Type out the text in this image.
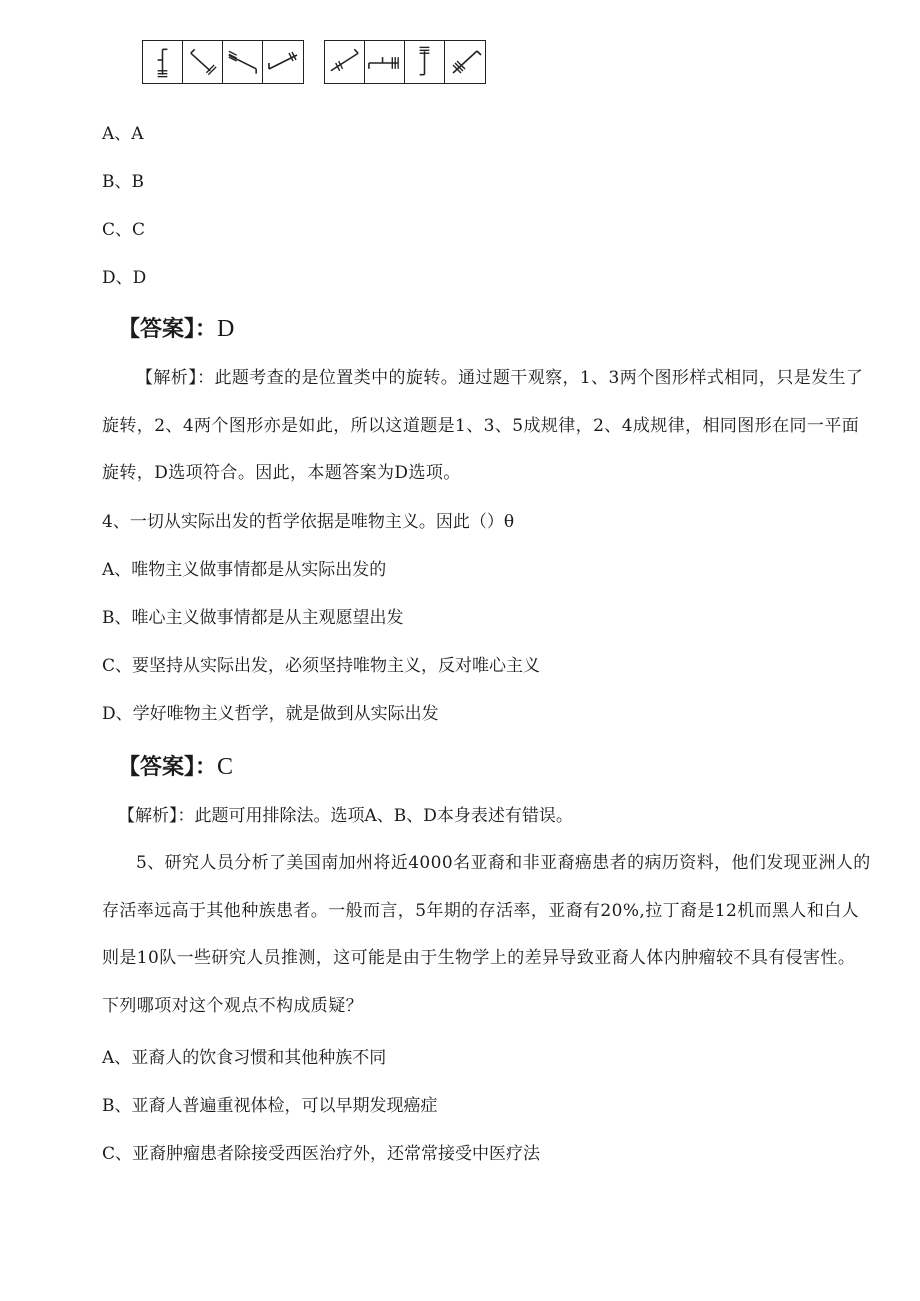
A、A
B、B
C、C
D、D
【答案】：D
【解析】：此题考查的是位置类中的旋转。通过题干观察，1、3两个图形样式相同，只是发生了旋转，2、4两个图形亦是如此，所以这道题是1、3、5成规律，2、4成规律，相同图形在同一平面旋转，D选项符合。因此，本题答案为D选项。
4、一切从实际出发的哲学依据是唯物主义。因此（）θ
A、唯物主义做事情都是从实际出发的
B、唯心主义做事情都是从主观愿望出发
C、要坚持从实际出发，必须坚持唯物主义，反对唯心主义
D、学好唯物主义哲学，就是做到从实际出发
【答案】：C
【解析】：此题可用排除法。选项A、B、D本身表述有错误。
5、研究人员分析了美国南加州将近4000名亚裔和非亚裔癌患者的病历资料，他们发现亚洲人的存活率远高于其他种族患者。一般而言，5年期的存活率，亚裔有20%,拉丁裔是12机而黑人和白人则是10队一些研究人员推测，这可能是由于生物学上的差异导致亚裔人体内肿瘤较不具有侵害性。下列哪项对这个观点不构成质疑？
A、亚裔人的饮食习惯和其他种族不同
B、亚裔人普遍重视体检，可以早期发现癌症
C、亚裔肿瘤患者除接受西医治疗外，还常常接受中医疗法
